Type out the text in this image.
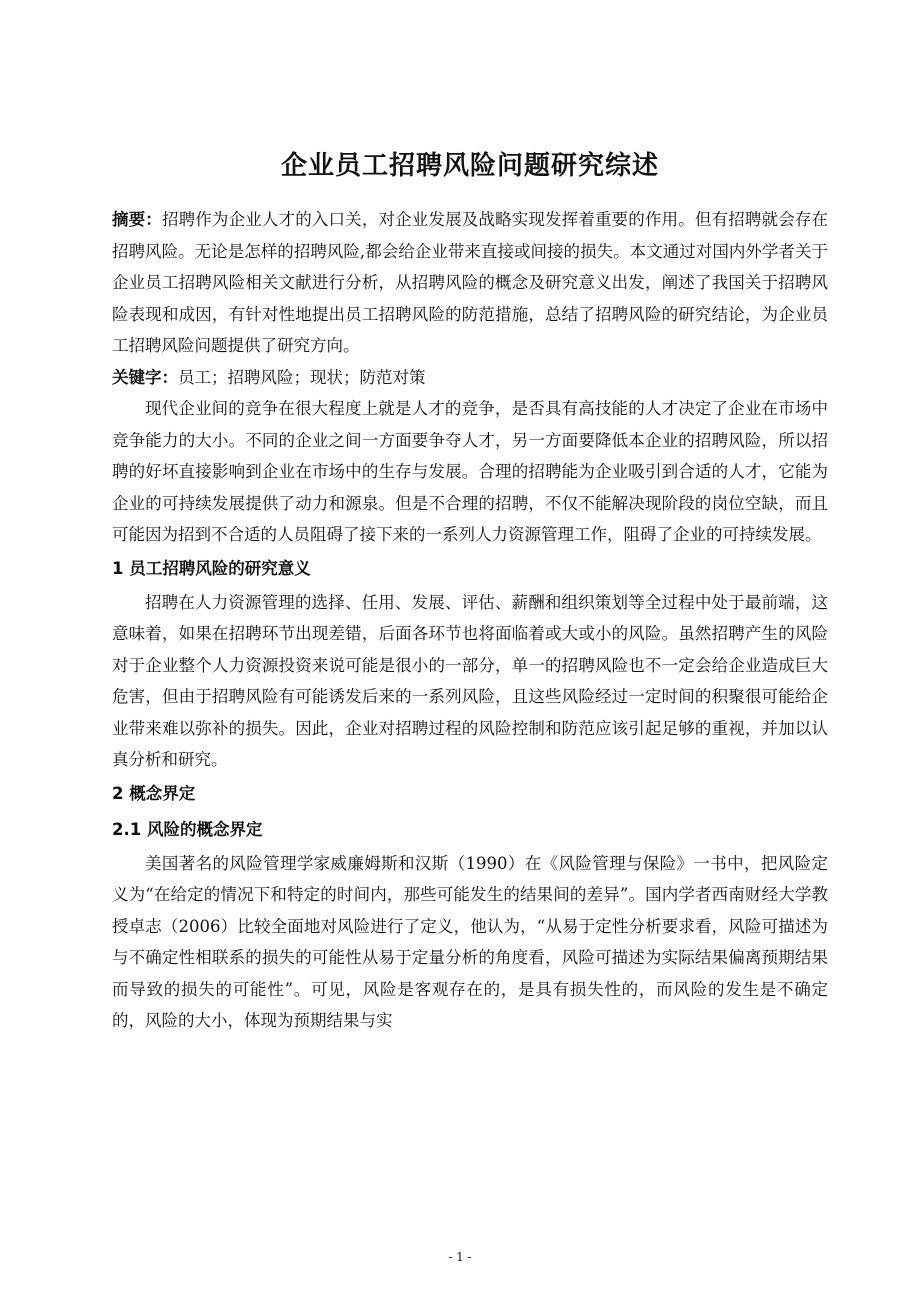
企业员工招聘风险问题研究综述

摘要：招聘作为企业人才的入口关，对企业发展及战略实现发挥着重要的作用。但有招聘就会存在招聘风险。无论是怎样的招聘风险,都会给企业带来直接或间接的损失。本文通过对国内外学者关于企业员工招聘风险相关文献进行分析，从招聘风险的概念及研究意义出发，阐述了我国关于招聘风险表现和成因，有针对性地提出员工招聘风险的防范措施，总结了招聘风险的研究结论，为企业员工招聘风险问题提供了研究方向。

关键字：员工；招聘风险；现状；防范对策

现代企业间的竞争在很大程度上就是人才的竞争，是否具有高技能的人才决定了企业在市场中竞争能力的大小。不同的企业之间一方面要争夺人才，另一方面要降低本企业的招聘风险，所以招聘的好坏直接影响到企业在市场中的生存与发展。合理的招聘能为企业吸引到合适的人才，它能为企业的可持续发展提供了动力和源泉。但是不合理的招聘，不仅不能解决现阶段的岗位空缺，而且可能因为招到不合适的人员阻碍了接下来的一系列人力资源管理工作，阻碍了企业的可持续发展。

1 员工招聘风险的研究意义

招聘在人力资源管理的选择、任用、发展、评估、薪酬和组织策划等全过程中处于最前端，这意味着，如果在招聘环节出现差错，后面各环节也将面临着或大或小的风险。虽然招聘产生的风险对于企业整个人力资源投资来说可能是很小的一部分，单一的招聘风险也不一定会给企业造成巨大危害，但由于招聘风险有可能诱发后来的一系列风险，且这些风险经过一定时间的积聚很可能给企业带来难以弥补的损失。因此，企业对招聘过程的风险控制和防范应该引起足够的重视，并加以认真分析和研究。

2 概念界定
2.1 风险的概念界定

美国著名的风险管理学家威廉姆斯和汉斯（1990）在《风险管理与保险》一书中，把风险定义为“在给定的情况下和特定的时间内，那些可能发生的结果间的差异”。国内学者西南财经大学教授卓志（2006）比较全面地对风险进行了定义，他认为，“从易于定性分析要求看，风险可描述为与不确定性相联系的损失的可能性从易于定量分析的角度看，风险可描述为实际结果偏离预期结果而导致的损失的可能性”。可见，风险是客观存在的，是具有损失性的，而风险的发生是不确定的，风险的大小，体现为预期结果与实

- 1 -
